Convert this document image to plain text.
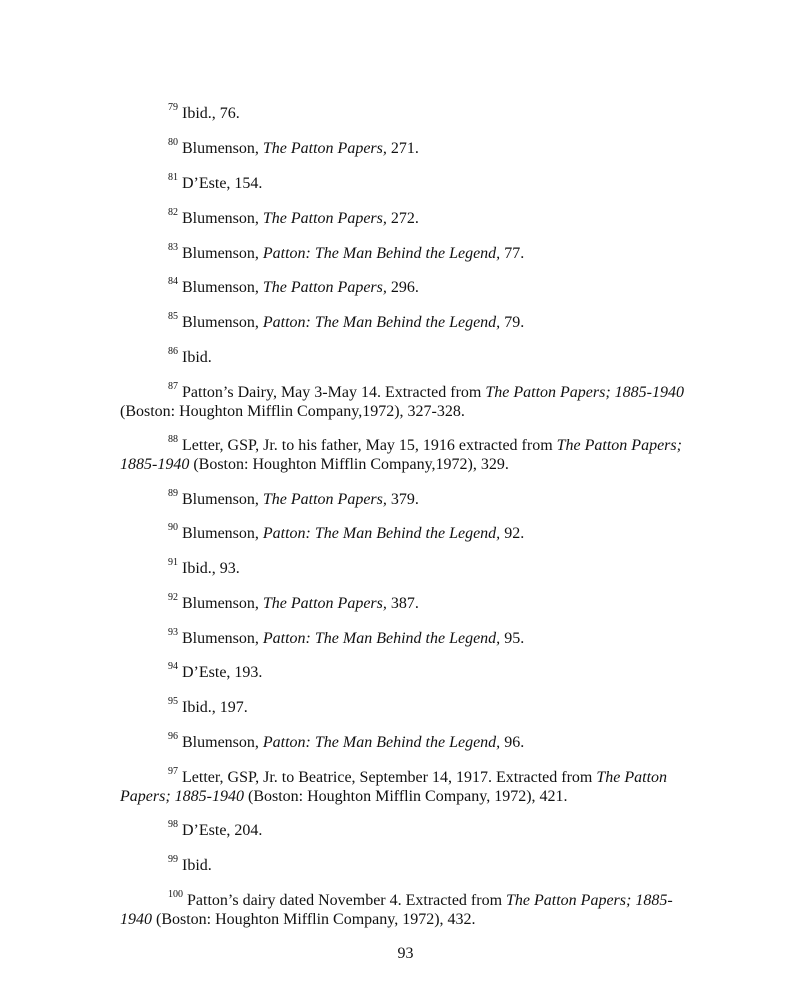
$^{79}$ Ibid., 76.

$^{80}$ Blumenson, The Patton Papers, 271.

$^{81}$ D’Este, 154.

$^{82}$ Blumenson, The Patton Papers, 272.

$^{83}$ Blumenson, Patton: The Man Behind the Legend, 77.

$^{84}$ Blumenson, The Patton Papers, 296.

$^{85}$ Blumenson, Patton: The Man Behind the Legend, 79.

$^{86}$ Ibid.

$^{87}$ Patton’s Dairy, May 3-May 14. Extracted from The Patton Papers; 1885-1940 (Boston: Houghton Mifflin Company,1972), 327-328.

$^{88}$ Letter, GSP, Jr. to his father, May 15, 1916 extracted from The Patton Papers; 1885-1940 (Boston: Houghton Mifflin Company,1972), 329.

$^{89}$ Blumenson, The Patton Papers, 379.

$^{90}$ Blumenson, Patton: The Man Behind the Legend, 92.

$^{91}$ Ibid., 93.

$^{92}$ Blumenson, The Patton Papers, 387.

$^{93}$ Blumenson, Patton: The Man Behind the Legend, 95.

$^{94}$ D’Este, 193.

$^{95}$ Ibid., 197.

$^{96}$ Blumenson, Patton: The Man Behind the Legend, 96.

$^{97}$ Letter, GSP, Jr. to Beatrice, September 14, 1917. Extracted from The Patton Papers; 1885-1940 (Boston: Houghton Mifflin Company, 1972), 421.

$^{98}$ D’Este, 204.

$^{99}$ Ibid.

$^{100}$ Patton’s dairy dated November 4. Extracted from The Patton Papers; 1885-1940 (Boston: Houghton Mifflin Company, 1972), 432.

93
